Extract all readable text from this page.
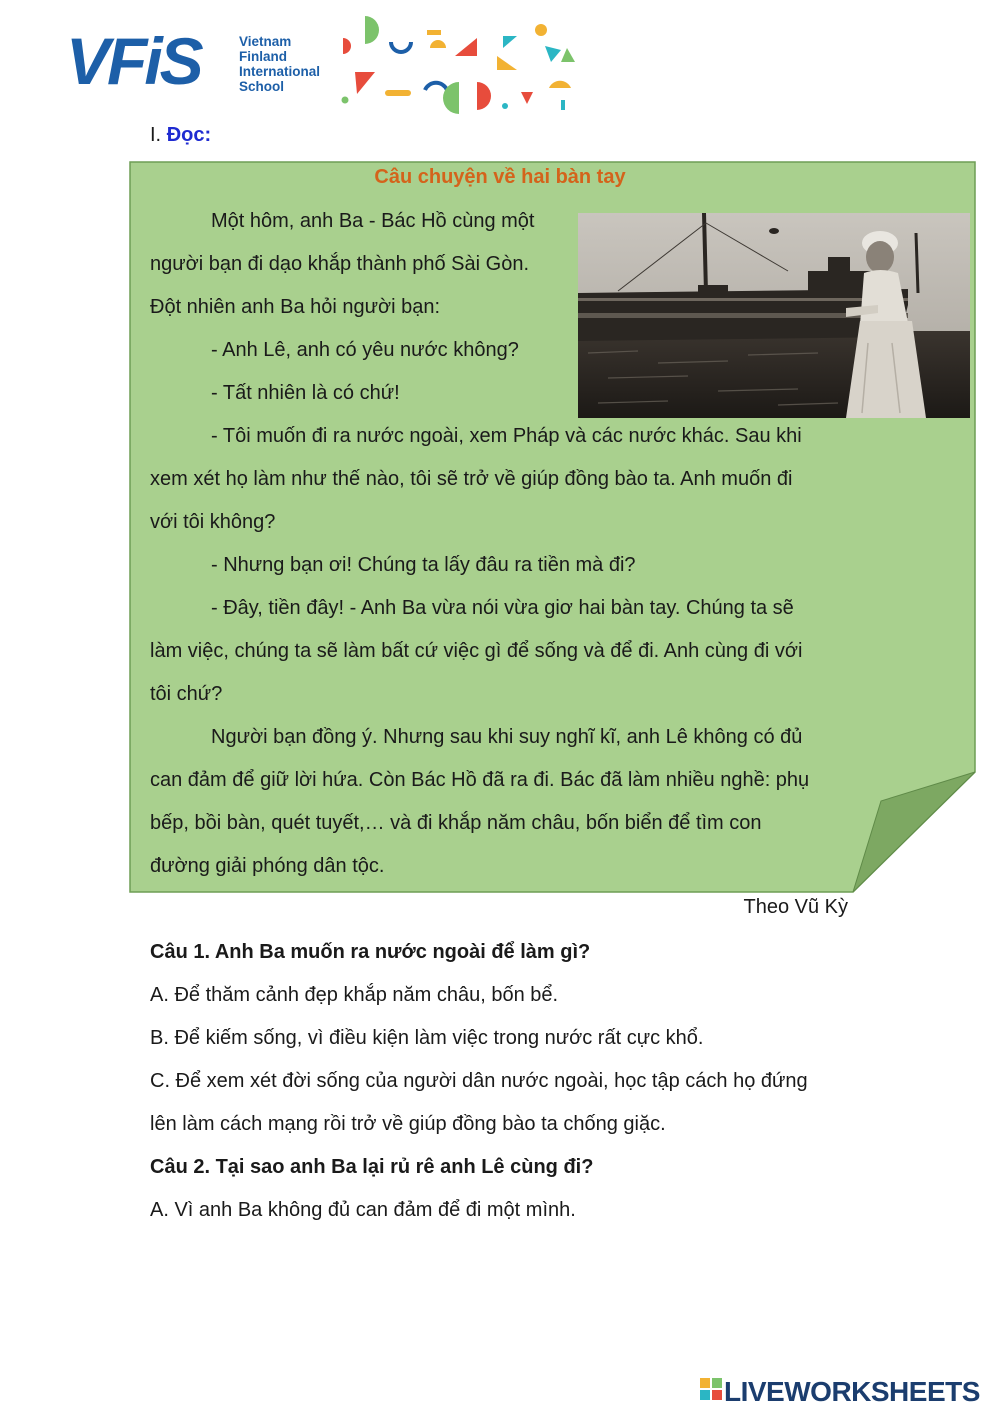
VFiS	Vietnam
Finland
International
School
I. Đọc:
Câu chuyện về hai bàn tay
Một hôm, anh Ba - Bác Hồ cùng một
người bạn đi dạo khắp thành phố Sài Gòn.
Đột nhiên anh Ba hỏi người bạn:
- Anh Lê, anh có yêu nước không?
- Tất nhiên là có chứ!
- Tôi muốn đi ra nước ngoài, xem Pháp và các nước khác. Sau khi
xem xét họ làm như thế nào, tôi sẽ trở về giúp đồng bào ta. Anh muốn đi
với tôi không?
- Nhưng bạn ơi! Chúng ta lấy đâu ra tiền mà đi?
- Đây, tiền đây! - Anh Ba vừa nói vừa giơ hai bàn tay. Chúng ta sẽ
làm việc, chúng ta sẽ làm bất cứ việc gì để sống và để đi. Anh cùng đi với
tôi chứ?
Người bạn đồng ý. Nhưng sau khi suy nghĩ kĩ, anh Lê không có đủ
can đảm để giữ lời hứa. Còn Bác Hồ đã ra đi. Bác đã làm nhiều nghề: phụ
bếp, bồi bàn, quét tuyết,… và đi khắp năm châu, bốn biển để tìm con
đường giải phóng dân tộc.
Theo Vũ Kỳ
Câu 1. Anh Ba muốn ra nước ngoài để làm gì?
A. Để thăm cảnh đẹp khắp năm châu, bốn bể.
B. Để kiếm sống, vì điều kiện làm việc trong nước rất cực khổ.
C. Để xem xét đời sống của người dân nước ngoài, học tập cách họ đứng
lên làm cách mạng rồi trở về giúp đồng bào ta chống giặc.
Câu 2. Tại sao anh Ba lại rủ rê anh Lê cùng đi?
A. Vì anh Ba không đủ can đảm để đi một mình.
LIVEWORKSHEETS
